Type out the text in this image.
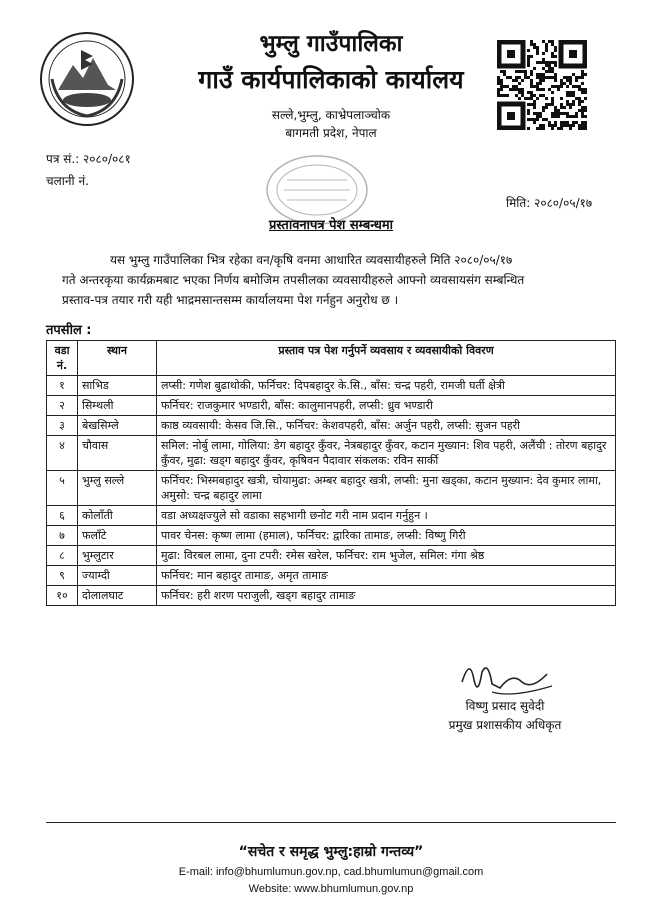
भुम्लु गाउँपालिका
गाउँ कार्यपालिकाको कार्यालय
सल्ले,भुम्लु, काभ्रेपलाञ्चोक
बागमती प्रदेश, नेपाल
पत्र सं.: २०८०/०८१
चलानी नं.
मिति: २०८०/०५/१७
प्रस्तावनापत्र पेश सम्बन्धमा
यस भुम्लु गाउँपालिका भित्र रहेका वन/कृषि वनमा आधारित व्यवसायीहरुले मिति २०८०/०५/१७
गते अन्तरकृया कार्यक्रमबाट भएका निर्णय बमोजिम तपसीलका व्यवसायीहरुले आफ्नो व्यवसायसंग सम्बन्धित
प्रस्ताव-पत्र तयार गरी यही भाद्रमसान्तसम्म कार्यालयमा पेश गर्नहुन अनुरोध छ ।
तपसील :
वडा नं.	स्थान	प्रस्ताव पत्र पेश गर्नुपर्ने व्यवसाय र व्यवसायीको विवरण
१	साभिड	लप्सी: गणेश बुढाथोकी, फर्निचर: दिपबहादुर के.सि., बाँस: चन्द्र पहरी, रामजी घर्ती क्षेत्री
२	सिम्थली	फर्निचर: राजकुमार भण्डारी, बाँस: कालुमानपहरी, लप्सी: ध्रुव भण्डारी
३	बेखसिम्ले	काष्ठ व्यवसायी: केसव जि.सि., फर्निचर: केशवपहरी, बाँस: अर्जुन पहरी, लप्सी: सुजन पहरी
४	चौवास	समिल: नोर्बु लामा, गोलिया: डेग बहादुर कुँवर, नेत्रबहादुर कुँवर, कटान मुख्यान: शिव पहरी, अलैंची : तोरण बहादुर कुँवर, मुढा: खड्ग बहादुर कुँवर, कृषिवन पैदावार संकलक: रविन सार्की
५	भुम्लु सल्ले	फर्निचर: भिस्मबहादुर खत्री, चोयामुढा: अम्बर बहादुर खत्री, लप्सी: मुना खड्का, कटान मुख्यान: देव कुमार लामा, अमुसो: चन्द्र बहादुर लामा
६	कोलाँती	वडा अध्यक्षज्युले सो वडाका सहभागी छनोट गरी नाम प्रदान गर्नुहुन ।
७	फलाँटे	पावर चेनस: कृष्ण लामा (हमाल), फर्निचर: द्वारिका तामाङ, लप्सी: विष्णु गिरी
८	भुम्लुटार	मुढा: विरबल लामा, दुना टपरी: रमेस खरेल, फर्निचर: राम भुजेल, समिल: गंगा श्रेष्ठ
९	ज्याम्दी	फर्निचर: मान बहादुर तामाङ, अमृत तामाङ
१०	दोलालघाट	फर्निचर: हरी शरण पराजुली, खड्ग बहादुर तामाङ
विष्णु प्रसाद सुवेदी
प्रमुख प्रशासकीय अधिकृत
“सचेत र समृद्ध भुम्लु:हाम्रो गन्तव्य”
E-mail: info@bhumlumun.gov.np, cad.bhumlumun@gmail.com
Website: www.bhumlumun.gov.np
